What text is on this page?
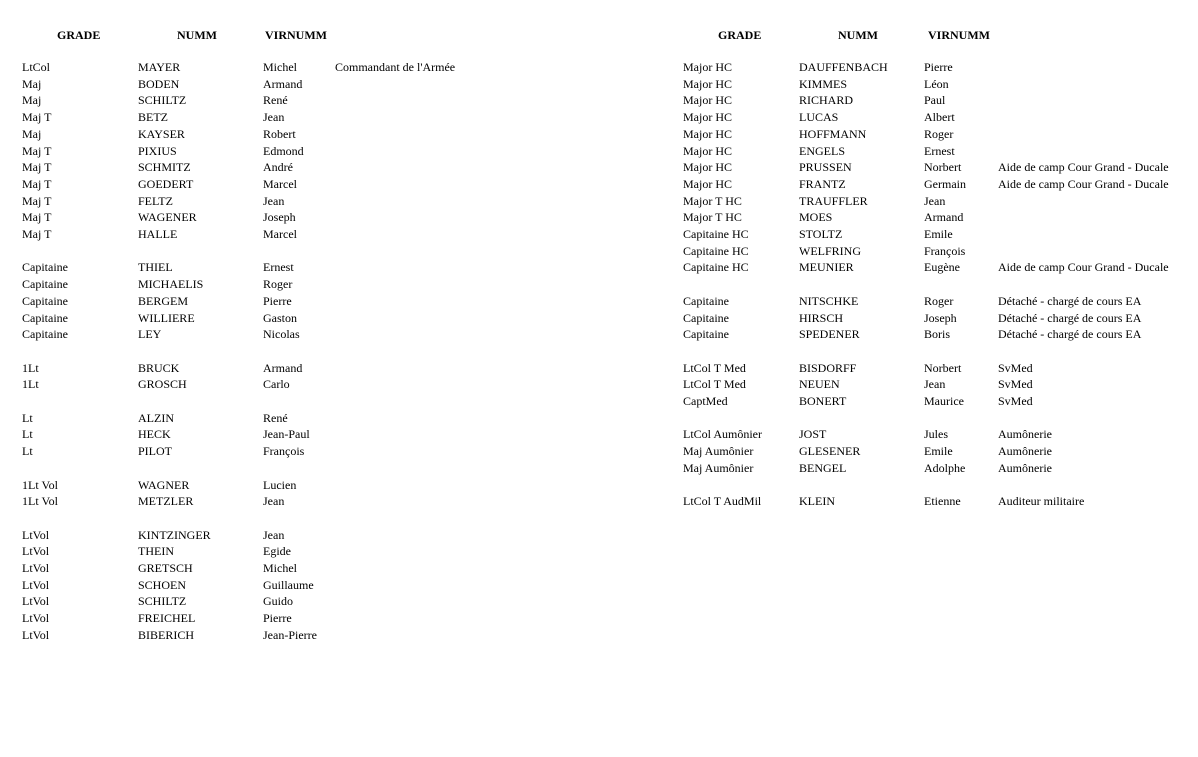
GRADE	NUMM	VIRNUMM
LtCol	MAYER	Michel	Commandant de l'Armée
Maj	BODEN	Armand
Maj	SCHILTZ	René
Maj T	BETZ	Jean
Maj	KAYSER	Robert
Maj T	PIXIUS	Edmond
Maj T	SCHMITZ	André
Maj T	GOEDERT	Marcel
Maj T	FELTZ	Jean
Maj T	WAGENER	Joseph
Maj T	HALLE	Marcel
Capitaine	THIEL	Ernest
Capitaine	MICHAELIS	Roger
Capitaine	BERGEM	Pierre
Capitaine	WILLIERE	Gaston
Capitaine	LEY	Nicolas
1Lt	BRUCK	Armand
1Lt	GROSCH	Carlo
Lt	ALZIN	René
Lt	HECK	Jean-Paul
Lt	PILOT	François
1Lt Vol	WAGNER	Lucien
1Lt Vol	METZLER	Jean
LtVol	KINTZINGER	Jean
LtVol	THEIN	Egide
LtVol	GRETSCH	Michel
LtVol	SCHOEN	Guillaume
LtVol	SCHILTZ	Guido
LtVol	FREICHEL	Pierre
LtVol	BIBERICH	Jean-Pierre
GRADE	NUMM	VIRNUMM
Major HC	DAUFFENBACH	Pierre
Major HC	KIMMES	Léon
Major HC	RICHARD	Paul
Major HC	LUCAS	Albert
Major HC	HOFFMANN	Roger
Major HC	ENGELS	Ernest
Major HC	PRUSSEN	Norbert	Aide de camp Cour Grand - Ducale
Major HC	FRANTZ	Germain	Aide de camp Cour Grand - Ducale
Major T HC	TRAUFFLER	Jean
Major T HC	MOES	Armand
Capitaine HC	STOLTZ	Emile
Capitaine HC	WELFRING	François
Capitaine HC	MEUNIER	Eugène	Aide de camp Cour Grand - Ducale
Capitaine	NITSCHKE	Roger	Détaché - chargé de cours EA
Capitaine	HIRSCH	Joseph	Détaché - chargé de cours EA
Capitaine	SPEDENER	Boris	Détaché - chargé de cours EA
LtCol T Med	BISDORFF	Norbert	SvMed
LtCol T Med	NEUEN	Jean	SvMed
CaptMed	BONERT	Maurice	SvMed
LtCol Aumônier	JOST	Jules	Aumônerie
Maj Aumônier	GLESENER	Emile	Aumônerie
Maj Aumônier	BENGEL	Adolphe	Aumônerie
LtCol T AudMil	KLEIN	Etienne	Auditeur militaire
